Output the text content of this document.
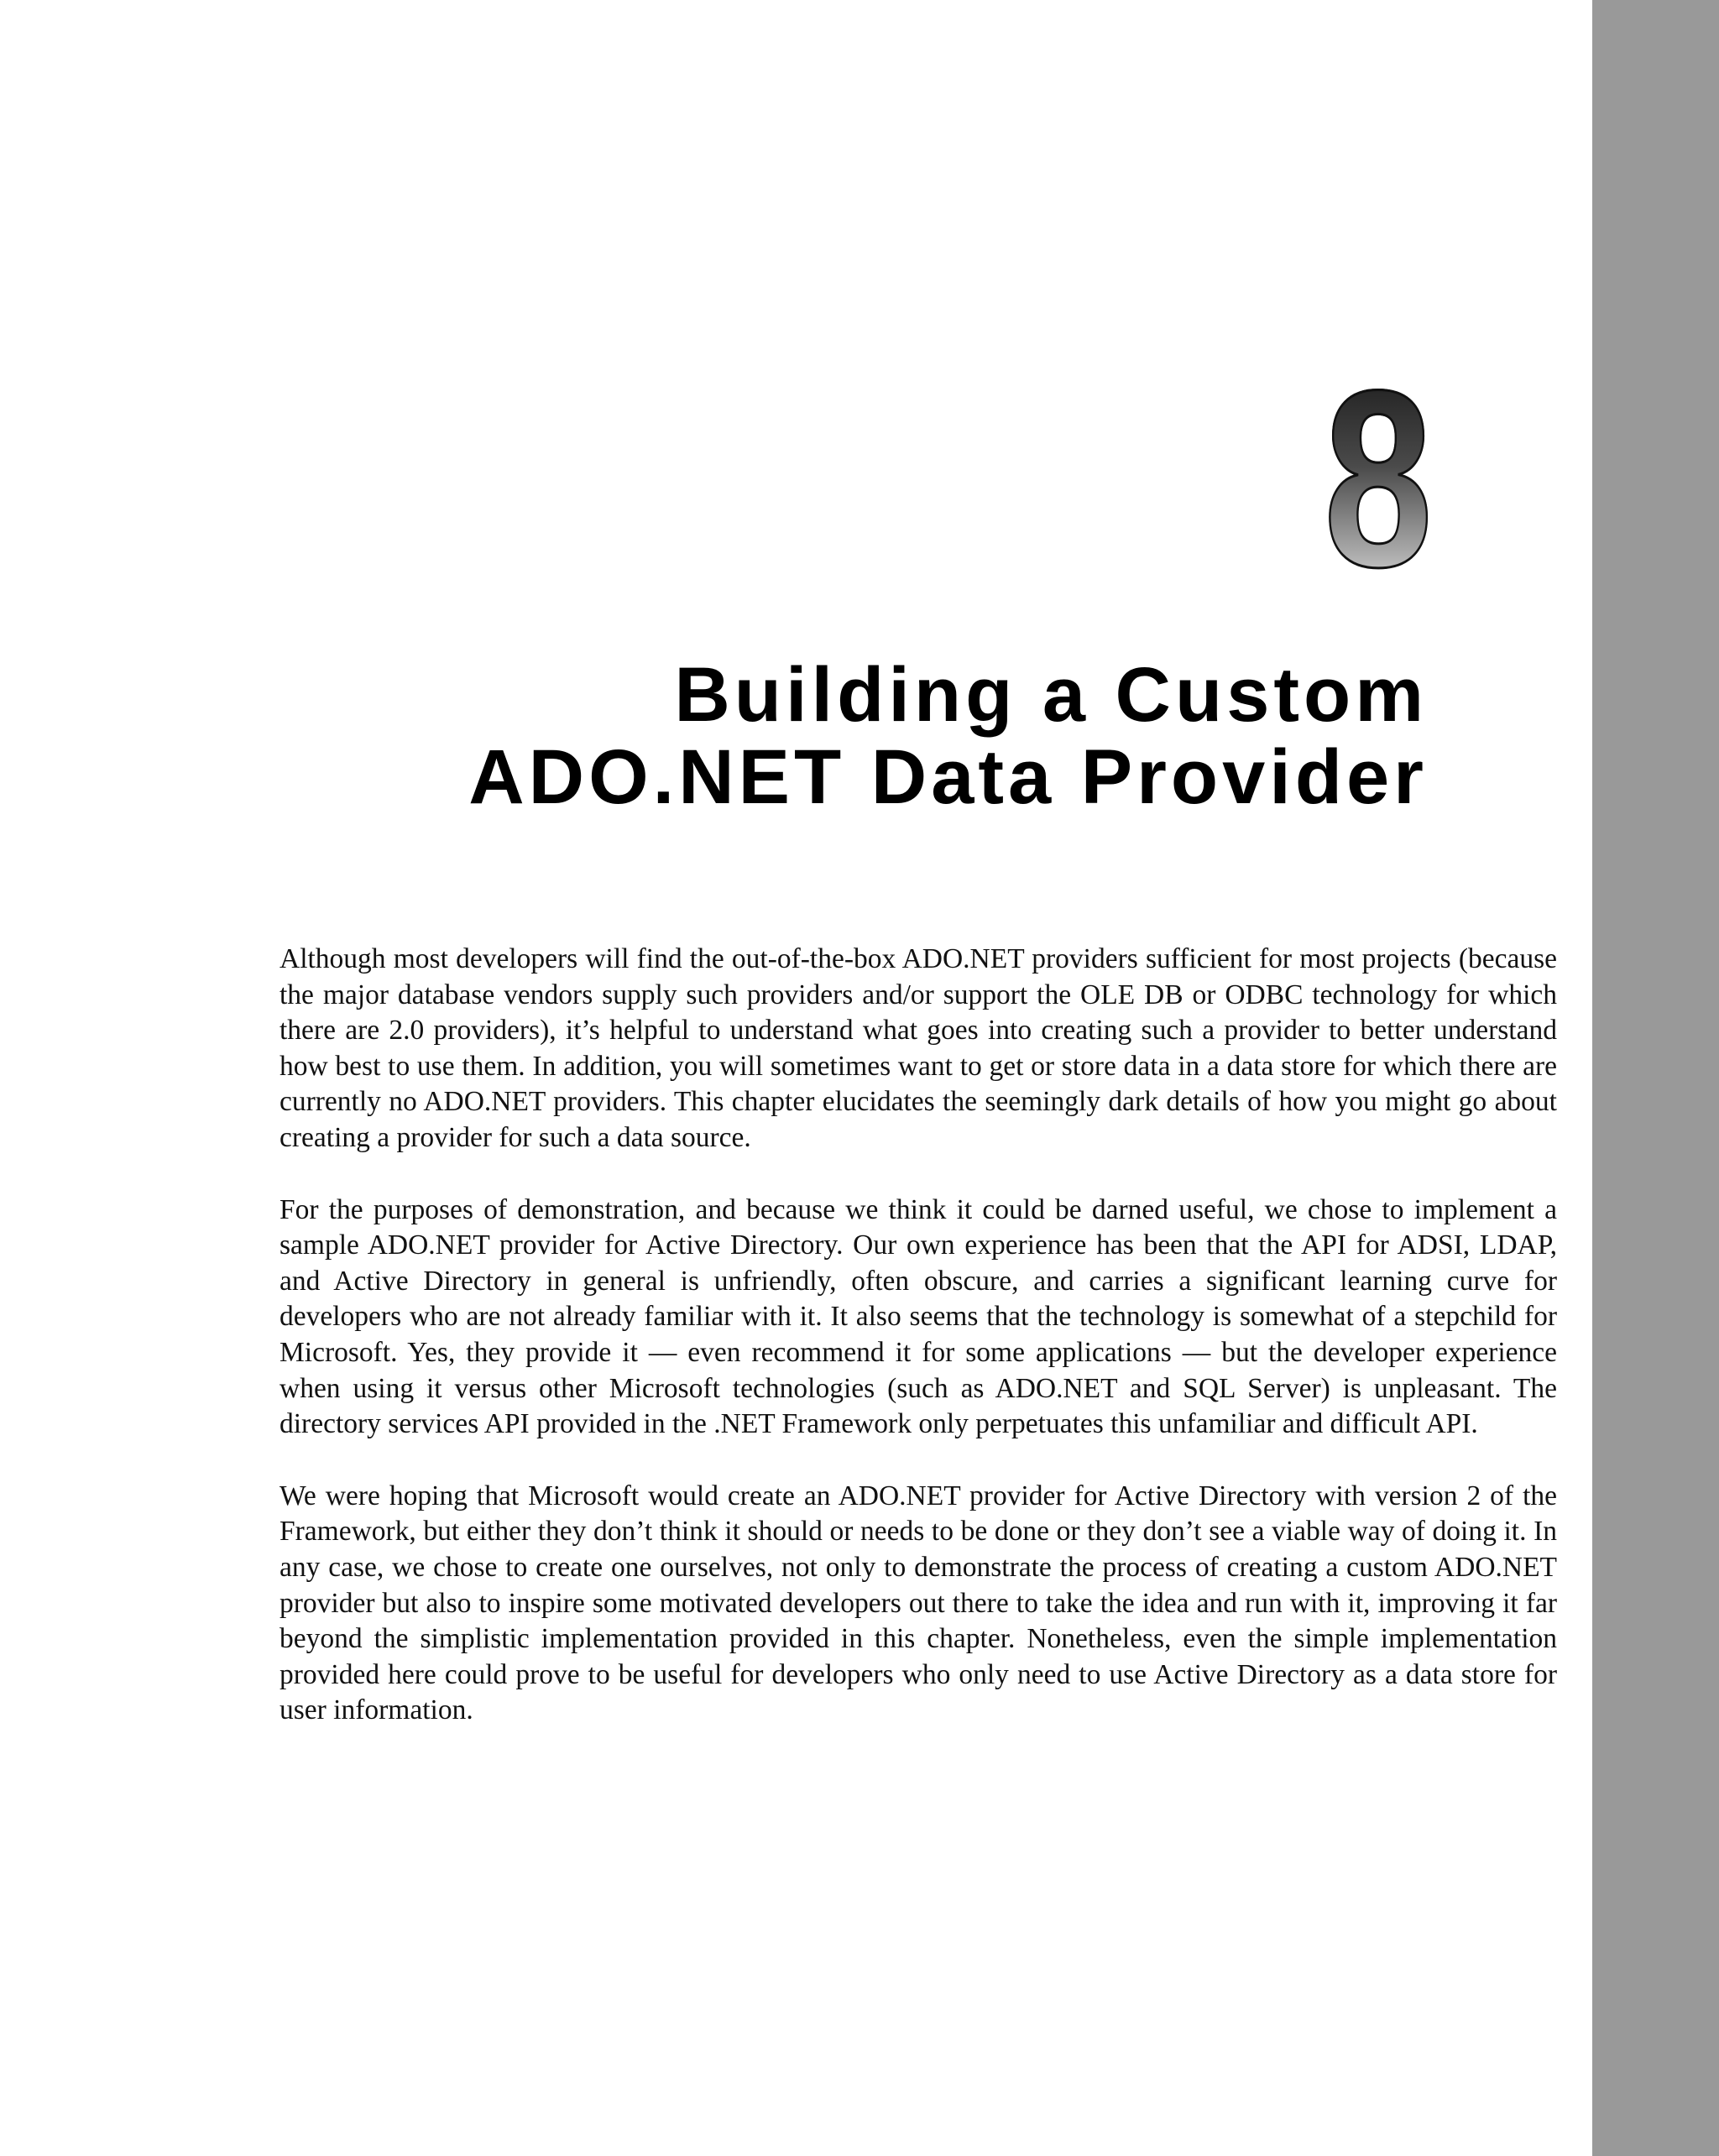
8
Building a Custom
ADO.NET Data Provider

Although most developers will find the out-of-the-box ADO.NET providers sufficient for most projects (because the major database vendors supply such providers and/or support the OLE DB or ODBC technology for which there are 2.0 providers), it’s helpful to understand what goes into creating such a provider to better understand how best to use them. In addition, you will sometimes want to get or store data in a data store for which there are currently no ADO.NET providers. This chapter elucidates the seemingly dark details of how you might go about creating a provider for such a data source.

For the purposes of demonstration, and because we think it could be darned useful, we chose to implement a sample ADO.NET provider for Active Directory. Our own experience has been that the API for ADSI, LDAP, and Active Directory in general is unfriendly, often obscure, and carries a significant learning curve for developers who are not already familiar with it. It also seems that the technology is somewhat of a stepchild for Microsoft. Yes, they provide it — even recommend it for some applications — but the developer experience when using it versus other Microsoft technologies (such as ADO.NET and SQL Server) is unpleasant. The directory services API provided in the .NET Framework only perpetuates this unfamiliar and difficult API.

We were hoping that Microsoft would create an ADO.NET provider for Active Directory with version 2 of the Framework, but either they don’t think it should or needs to be done or they don’t see a viable way of doing it. In any case, we chose to create one ourselves, not only to demonstrate the process of creating a custom ADO.NET provider but also to inspire some motivated developers out there to take the idea and run with it, improving it far beyond the simplistic implementation provided in this chapter. Nonetheless, even the simple implementation provided here could prove to be useful for developers who only need to use Active Directory as a data store for user information.
